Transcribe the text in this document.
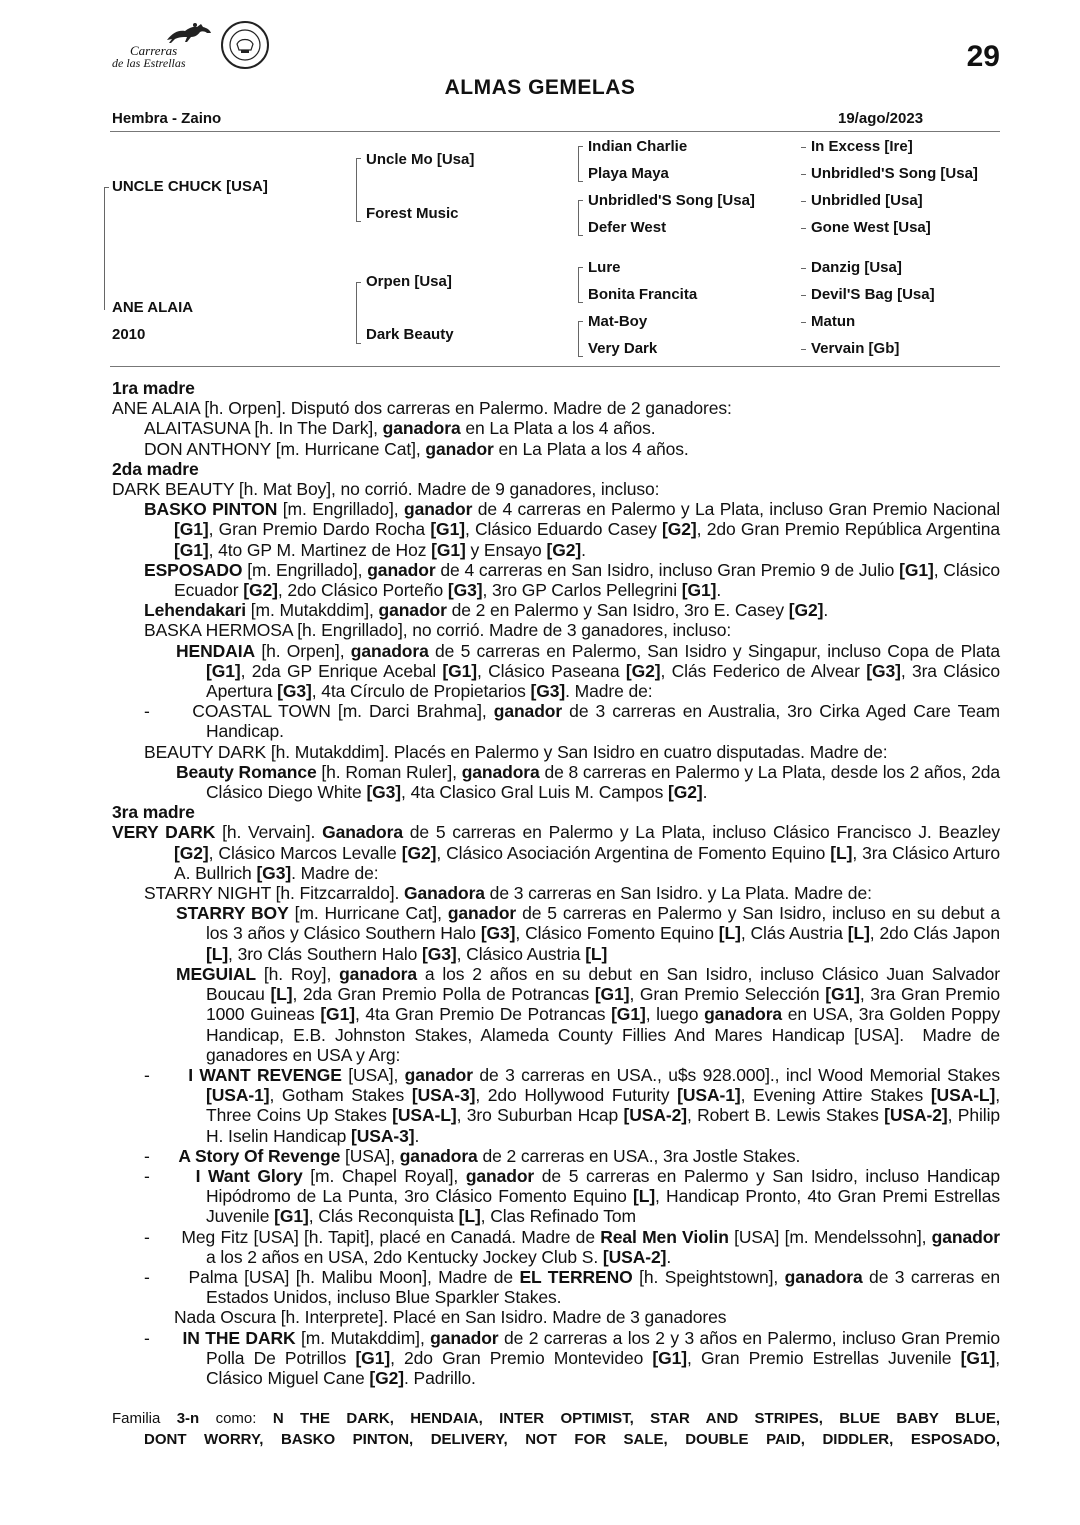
Carreras
de las Estrellas	29
ALMAS GEMELAS
Hembra - Zaino	19/ago/2023
UNCLE CHUCK [USA]
ANE ALAIA
2010
Uncle Mo [Usa]
Forest Music
Orpen [Usa]
Dark Beauty
Indian Charlie
Playa Maya
Unbridled'S Song [Usa]
Defer West
Lure
Bonita Francita
Mat-Boy
Very Dark
In Excess [Ire]
Unbridled'S Song [Usa]
Unbridled [Usa]
Gone West [Usa]
Danzig [Usa]
Devil'S Bag [Usa]
Matun
Vervain [Gb]

1ra madre

ANE ALAIA [h. Orpen]. Disputó dos carreras en Palermo. Madre de 2 ganadores:

ALAITASUNA [h. In The Dark], ganadora en La Plata a los 4 años.

DON ANTHONY [m. Hurricane Cat], ganador en La Plata a los 4 años.

2da madre

DARK BEAUTY [h. Mat Boy], no corrió. Madre de 9 ganadores, incluso:

BASKO PINTON [m. Engrillado], ganador de 4 carreras en Palermo y La Plata, incluso Gran Premio Nacional [G1], Gran Premio Dardo Rocha [G1], Clásico Eduardo Casey [G2], 2do Gran Premio República Argentina [G1], 4to GP M. Martinez de Hoz [G1] y Ensayo [G2].

ESPOSADO [m. Engrillado], ganador de 4 carreras en San Isidro, incluso Gran Premio 9 de Julio [G1], Clásico Ecuador [G2], 2do Clásico Porteño [G3], 3ro GP Carlos Pellegrini [G1].

Lehendakari [m. Mutakddim], ganador de 2 en Palermo y San Isidro, 3ro E. Casey [G2].

BASKA HERMOSA [h. Engrillado], no corrió. Madre de 3 ganadores, incluso:

HENDAIA [h. Orpen], ganadora de 5 carreras en Palermo, San Isidro y Singapur, incluso Copa de Plata [G1], 2da GP Enrique Acebal [G1], Clásico Paseana [G2], Clás Federico de Alvear [G3], 3ra Clásico Apertura [G3], 4ta Círculo de Propietarios [G3]. Madre de:

-      COASTAL TOWN [m. Darci Brahma], ganador de 3 carreras en Australia, 3ro Cirka Aged Care Team Handicap.

BEAUTY DARK [h. Mutakddim]. Placés en Palermo y San Isidro en cuatro disputadas. Madre de:

Beauty Romance [h. Roman Ruler], ganadora de 8 carreras en Palermo y La Plata, desde los 2 años, 2da Clásico Diego White [G3], 4ta Clasico Gral Luis M. Campos [G2].

3ra madre

VERY DARK [h. Vervain]. Ganadora de 5 carreras en Palermo y La Plata, incluso Clásico Francisco J. Beazley [G2], Clásico Marcos Levalle [G2], Clásico Asociación Argentina de Fomento Equino [L], 3ra Clásico Arturo A. Bullrich [G3]. Madre de:

STARRY NIGHT [h. Fitzcarraldo]. Ganadora de 3 carreras en San Isidro. y La Plata. Madre de:

STARRY BOY [m. Hurricane Cat], ganador de 5 carreras en Palermo y San Isidro, incluso en su debut a los 3 años y Clásico Southern Halo [G3], Clásico Fomento Equino [L], Clás Austria [L], 2do Clás Japon [L], 3ro Clás Southern Halo [G3], Clásico Austria [L]

MEGUIAL [h. Roy], ganadora a los 2 años en su debut en San Isidro, incluso Clásico Juan Salvador Boucau [L], 2da Gran Premio Polla de Potrancas [G1], Gran Premio Selección [G1], 3ra Gran Premio 1000 Guineas [G1], 4ta Gran Premio De Potrancas [G1], luego ganadora en USA, 3ra Golden Poppy Handicap, E.B. Johnston Stakes, Alameda County Fillies And Mares Handicap [USA].  Madre de ganadores en USA y Arg:

-      I WANT REVENGE [USA], ganador de 3 carreras en USA., u$s 928.000]., incl Wood Memorial Stakes [USA-1], Gotham Stakes [USA-3], 2do Hollywood Futurity [USA-1], Evening Attire Stakes [USA-L], Three Coins Up Stakes [USA-L], 3ro Suburban Hcap [USA-2], Robert B. Lewis Stakes [USA-2], Philip H. Iselin Handicap [USA-3].

-      A Story Of Revenge [USA], ganadora de 2 carreras en USA., 3ra Jostle Stakes.

-      I Want Glory [m. Chapel Royal], ganador de 5 carreras en Palermo y San Isidro, incluso Handicap Hipódromo de La Punta, 3ro Clásico Fomento Equino [L], Handicap Pronto, 4to Gran Premi Estrellas Juvenile [G1], Clás Reconquista [L], Clas Refinado Tom

-      Meg Fitz [USA] [h. Tapit], placé en Canadá. Madre de Real Men Violin [USA] [m. Mendelssohn], ganador a los 2 años en USA, 2do Kentucky Jockey Club S. [USA-2].

-      Palma [USA] [h. Malibu Moon], Madre de EL TERRENO [h. Speightstown], ganadora de 3 carreras en Estados Unidos, incluso Blue Sparkler Stakes.

Nada Oscura [h. Interprete]. Placé en San Isidro. Madre de 3 ganadores

-      IN THE DARK [m. Mutakddim], ganador de 2 carreras a los 2 y 3 años en Palermo, incluso Gran Premio Polla De Potrillos [G1], 2do Gran Premio Montevideo [G1], Gran Premio Estrellas Juvenile [G1], Clásico Miguel Cane [G2]. Padrillo.

Familia 3-n como: N THE DARK, HENDAIA, INTER OPTIMIST, STAR AND STRIPES, BLUE BABY BLUE,
DONT WORRY, BASKO PINTON, DELIVERY, NOT FOR SALE, DOUBLE PAID, DIDDLER, ESPOSADO,
